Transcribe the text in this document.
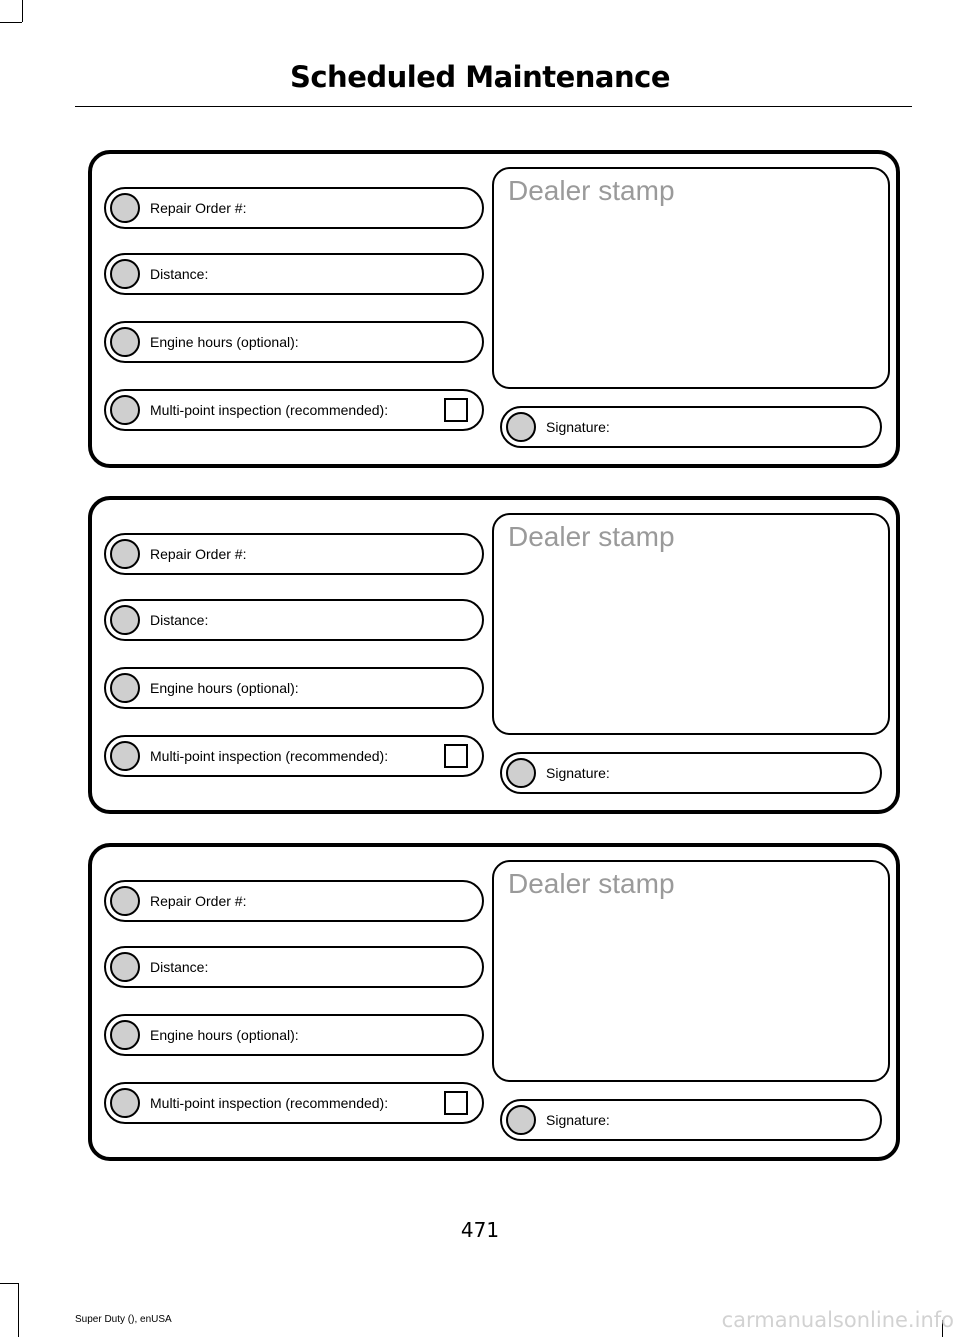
Scheduled Maintenance
Repair Order #:
Distance:
Engine hours (optional):
Multi-point inspection (recommended):
Dealer stamp
Signature:
Repair Order #:
Distance:
Engine hours (optional):
Multi-point inspection (recommended):
Dealer stamp
Signature:
Repair Order #:
Distance:
Engine hours (optional):
Multi-point inspection (recommended):
Dealer stamp
Signature:
471
Super Duty (), enUSA	carmanualsonline.info
